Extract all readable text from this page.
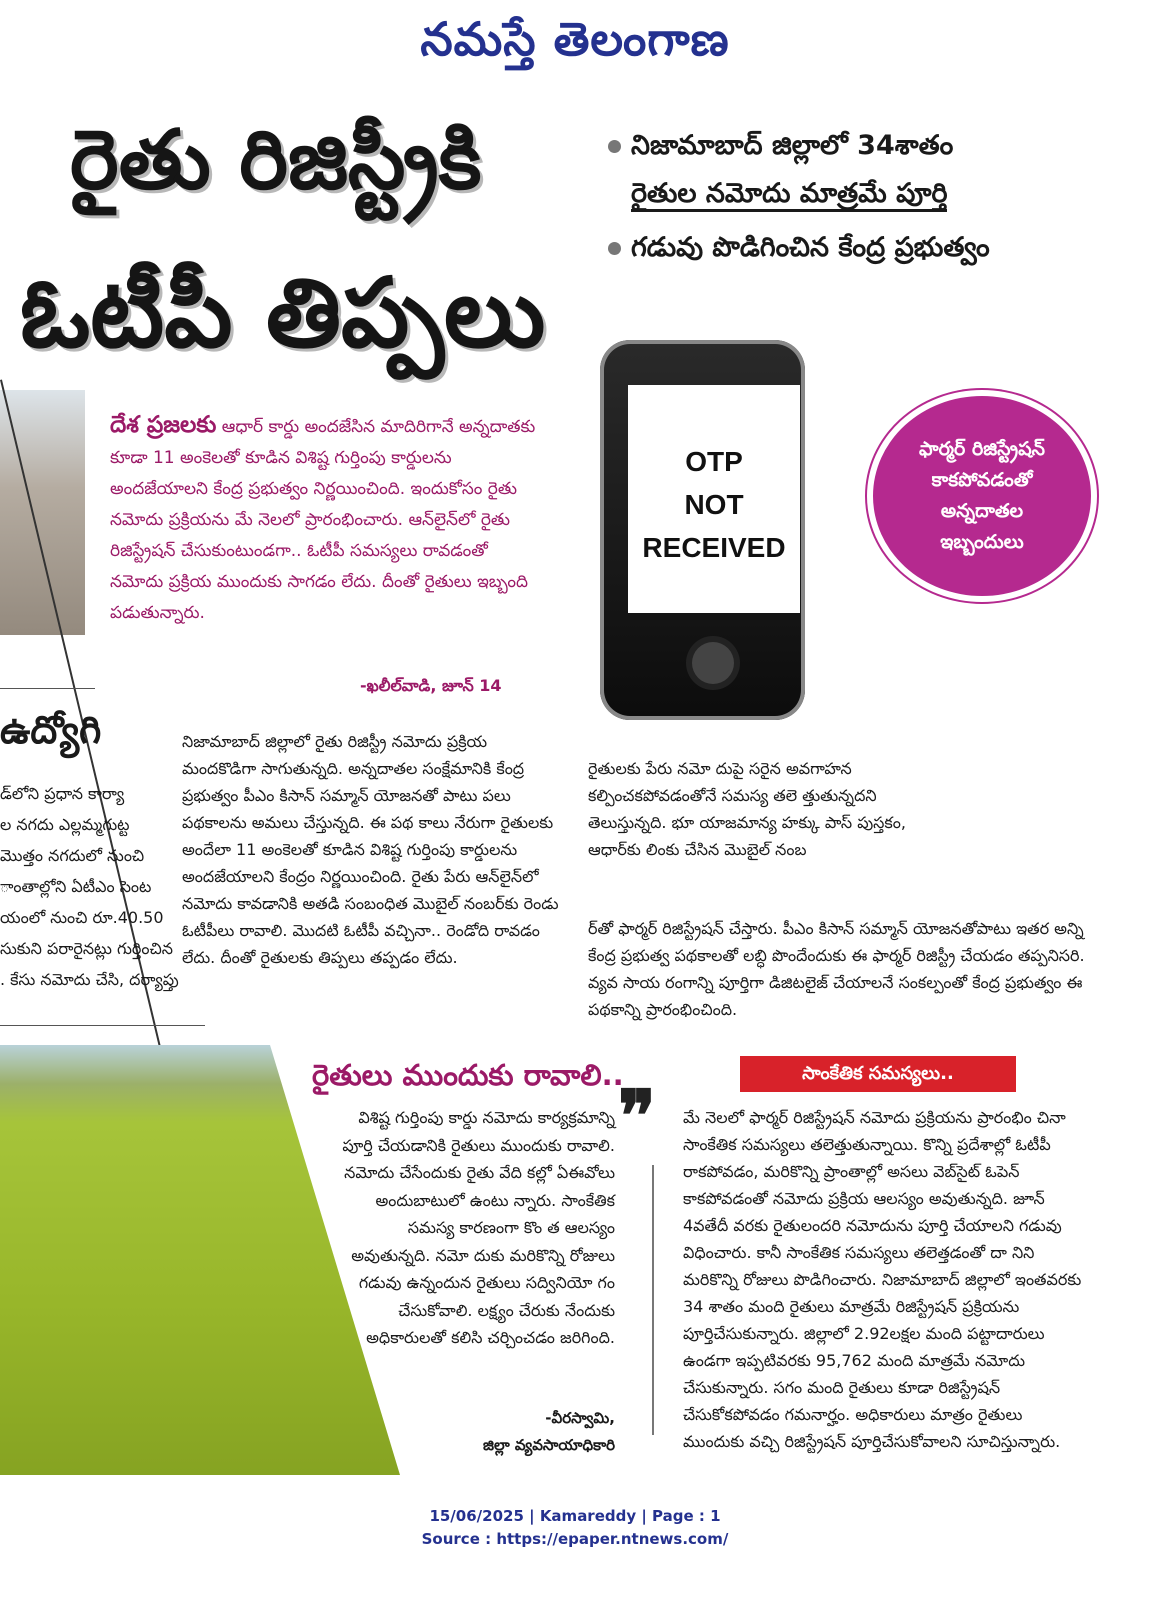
నమస్తే తెలంగాణ
రైతు రిజిస్ట్రీకి
ఓటీపీ తిప్పలు
నిజామాబాద్ జిల్లాలో 34శాతం
రైతుల నమోదు మాత్రమే పూర్తి
గడువు పొడిగించిన కేంద్ర ప్రభుత్వం
దేశ ప్రజలకు ఆధార్ కార్డు అందజేసిన మాదిరిగానే అన్నదాతకు కూడా 11 అంకెలతో కూడిన విశిష్ట గుర్తింపు కార్డులను అందజేయాలని కేంద్ర ప్రభుత్వం నిర్ణయించింది. ఇందుకోసం రైతు నమోదు ప్రక్రియను మే నెలలో ప్రారంభించారు. ఆన్‌లైన్‌లో రైతు రిజిస్ట్రేషన్ చేసుకుంటుండగా.. ఓటీపీ సమస్యలు రావడంతో నమోదు ప్రక్రియ ముందుకు సాగడం లేదు. దీంతో రైతులు ఇబ్బంది పడుతున్నారు.
-ఖలీల్‌వాడి, జూన్ 14
OTP
NOT
RECEIVED
ఫార్మర్ రిజిస్ట్రేషన్ కాకపోవడంతో అన్నదాతల ఇబ్బందులు
ఉద్యోగి
డ్‌లోని ప్రధాన కార్యా
ల నగదు ఎల్లమ్మగుట్ట
మొత్తం నగదులో నుంచి
ాంతాల్లోని ఏటీఎం సెంట
యంలో నుంచి రూ.40.50
సుకుని పరారైనట్లు గుర్తించిన
. కేసు నమోదు చేసి, దర్యాప్తు
నిజామాబాద్ జిల్లాలో రైతు రిజిస్ట్రీ నమోదు ప్రక్రియ మందకొడిగా సాగుతున్నది. అన్నదాతల సంక్షేమానికి కేంద్ర ప్రభుత్వం పీఎం కిసాన్ సమ్మాన్ యోజనతో పాటు పలు పథకాలను అమలు చేస్తున్నది. ఈ పథ కాలు నేరుగా రైతులకు అందేలా 11 అంకెలతో కూడిన విశిష్ట గుర్తింపు కార్డులను అందజేయాలని కేంద్రం నిర్ణయించింది. రైతు పేరు ఆన్‌లైన్‌లో నమోదు కావడానికి అతడి సంబంధిత మొబైల్ నంబర్‌కు రెండు ఓటీపీలు రావాలి. మొదటి ఓటీపీ వచ్చినా.. రెండోది రావడం లేదు. దీంతో రైతులకు తిప్పలు తప్పడం లేదు.
రైతులకు పేరు నమో దుపై సరైన అవగాహన కల్పించకపోవడంతోనే సమస్య తలె త్తుతున్నదని తెలుస్తున్నది. భూ యాజమాన్య హక్కు పాస్ పుస్తకం, ఆధార్‌కు లింకు చేసిన మొబైల్ నంబ
ర్‌తో ఫార్మర్ రిజిస్ట్రేషన్ చేస్తారు. పీఎం కిసాన్ సమ్మాన్ యోజనతోపాటు ఇతర అన్ని కేంద్ర ప్రభుత్వ పథకాలతో లబ్ధి పొందేందుకు ఈ ఫార్మర్ రిజిస్ట్రీ చేయడం తప్పనిసరి. వ్యవ సాయ రంగాన్ని పూర్తిగా డిజిటలైజ్ చేయాలనే సంకల్పంతో కేంద్ర ప్రభుత్వం ఈ పథకాన్ని ప్రారంభించింది.
రైతులు ముందుకు రావాలి..	సాంకేతిక సమస్యలు..
విశిష్ట గుర్తింపు కార్డు నమోదు కార్యక్రమాన్ని పూర్తి చేయడానికి రైతులు ముందుకు రావాలి. నమోదు చేసేందుకు రైతు వేది కల్లో ఏఈవోలు అందుబాటులో ఉంటు న్నారు. సాంకేతిక సమస్య కారణంగా కొం త ఆలస్యం అవుతున్నది. నమో దుకు మరికొన్ని రోజులు గడువు ఉన్నందున రైతులు సద్వినియో గం చేసుకోవాలి. లక్ష్యం చేరుకు నేందుకు అధికారులతో కలిసి చర్చించడం జరిగింది.
-వీరస్వామి,
జిల్లా వ్యవసాయాధికారి
❞ మే నెలలో ఫార్మర్ రిజిస్ట్రేషన్ నమోదు ప్రక్రియను ప్రారంభిం చినా సాంకేతిక సమస్యలు తలెత్తుతున్నాయి. కొన్ని ప్రదేశాల్లో ఓటీపీ రాకపోవడం, మరికొన్ని ప్రాంతాల్లో అసలు వెబ్‌సైట్ ఓపెన్ కాకపోవడంతో నమోదు ప్రక్రియ ఆలస్యం అవుతున్నది. జూన్ 4వతేదీ వరకు రైతులందరి నమోదును పూర్తి చేయాలని గడువు విధించారు. కానీ సాంకేతిక సమస్యలు తలెత్తడంతో దా నిని మరికొన్ని రోజులు పొడిగించారు. నిజామాబాద్ జిల్లాలో ఇంతవరకు 34 శాతం మంది రైతులు మాత్రమే రిజిస్ట్రేషన్ ప్రక్రియను పూర్తిచేసుకున్నారు. జిల్లాలో 2.92లక్షల మంది పట్టాదారులు ఉండగా ఇప్పటివరకు 95,762 మంది మాత్రమే నమోదు చేసుకున్నారు. సగం మంది రైతులు కూడా రిజిస్ట్రేషన్ చేసుకోకపోవడం గమనార్హం. అధికారులు మాత్రం రైతులు ముందుకు వచ్చి రిజిస్ట్రేషన్ పూర్తిచేసుకోవాలని సూచిస్తున్నారు.
15/06/2025 | Kamareddy | Page : 1
Source : https://epaper.ntnews.com/
